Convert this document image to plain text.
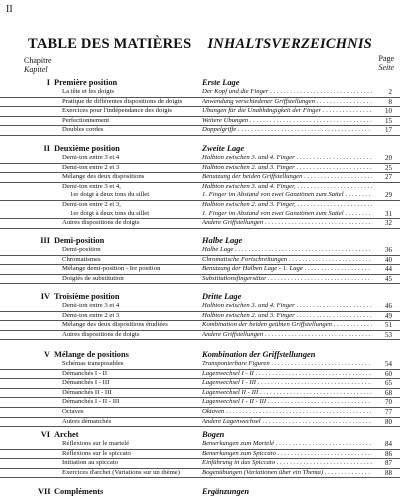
II
TABLE DES MATIÈRES INHALTSVERZEICHNIS
Chapitre
Kapitel
Page
Seite
I Première position	Erste Lage
La tête et les doigts	Der Kopf und die Finger . . .	2
Pratique de différentes dispositions de doigts	Anwendung verschiedener Griffstellungen . . .	8
Exercices pour l'indépendance des doigts	Übungen für die Unabhängigkeit der Finger . . .	10
Perfectionnement	Weitere Übungen . . .	15
Doubles cordes	Doppelgriffe . . .	17
II Deuxième position	Zweite Lage
Demi-ton entre 3 et 4	Halbton zwischen 3. und 4. Finger . . .	20
Demi-ton entre 2 et 3	Halbton zwischen 2. und 3. Finger . . .	25
Mélange des deux dispositions	Benutzung der beiden Griffstellungen . . .	27
Demi-ton entre 3 et 4,	Halbton zwischen 3. und 4. Finger, . . .
1er doigt à deux tons du sillet	1. Finger im Abstand von zwei Ganztönen zum Sattel . . .	29
Demi-ton entre 2 et 3,	Halbton zwischen 2. und 3. Finger, . . .
1er doigt à deux tons du sillet	1. Finger im Abstand von zwei Ganztönen zum Sattel . . .	31
Autres dispositions de doigts	Andere Griffstellungen . . .	32
III Demi-position	Halbe Lage
Demi-position	Halbe Lage . . .	36
Chromatismes	Chromatische Fortschreitungen . . .	40
Mélange demi-position - Ire position	Benutzung der Halben Lage - 1. Lage . . .	44
Doigtés de substitution	Substitutionsfingersätze . . .	45
IV Troisième position	Dritte Lage
Demi-ton entre 3 et 4	Halbton zwischen 3. und 4. Finger . . .	46
Demi-ton entre 2 et 3	Halbton zwischen 2. und 3. Finger . . .	49
Mélange des deux dispositions étudiées	Kombination der beiden geübten Griffstellungen . . .	51
Autres dispositions de doigts	Andere Griffstellungen . . .	53
V Mélange de positions	Kombination der Griffstellungen
Schémas transposables	Transponierbare Figuren . . .	54
Démanchés I - II	Lagenwechsel I - II . . .	60
Démanchés I - III	Lagenwechsel I - III . . .	65
Démanchés II - III	Lagenwechsel II - III . . .	68
Démanchés I - II - III	Lagenwechsel I - II - III . . .	70
Octaves	Oktaven . . .	77
Autres démanchés	Andere Lagenwechsel . . .	80
VI Archet	Bogen
Réflexions sur le martelé	Bemerkungen zum Martelé . . .	84
Réflexions sur le spiccato	Bemerkungen zum Spiccato . . .	86
Initiation au spiccato	Einführung in das Spiccato . . .	87
Exercices d'archet (Variations sur un thème)	Bogenübungen (Variationen über ein Thema) . . .	88
VII Compléments	Ergänzungen
